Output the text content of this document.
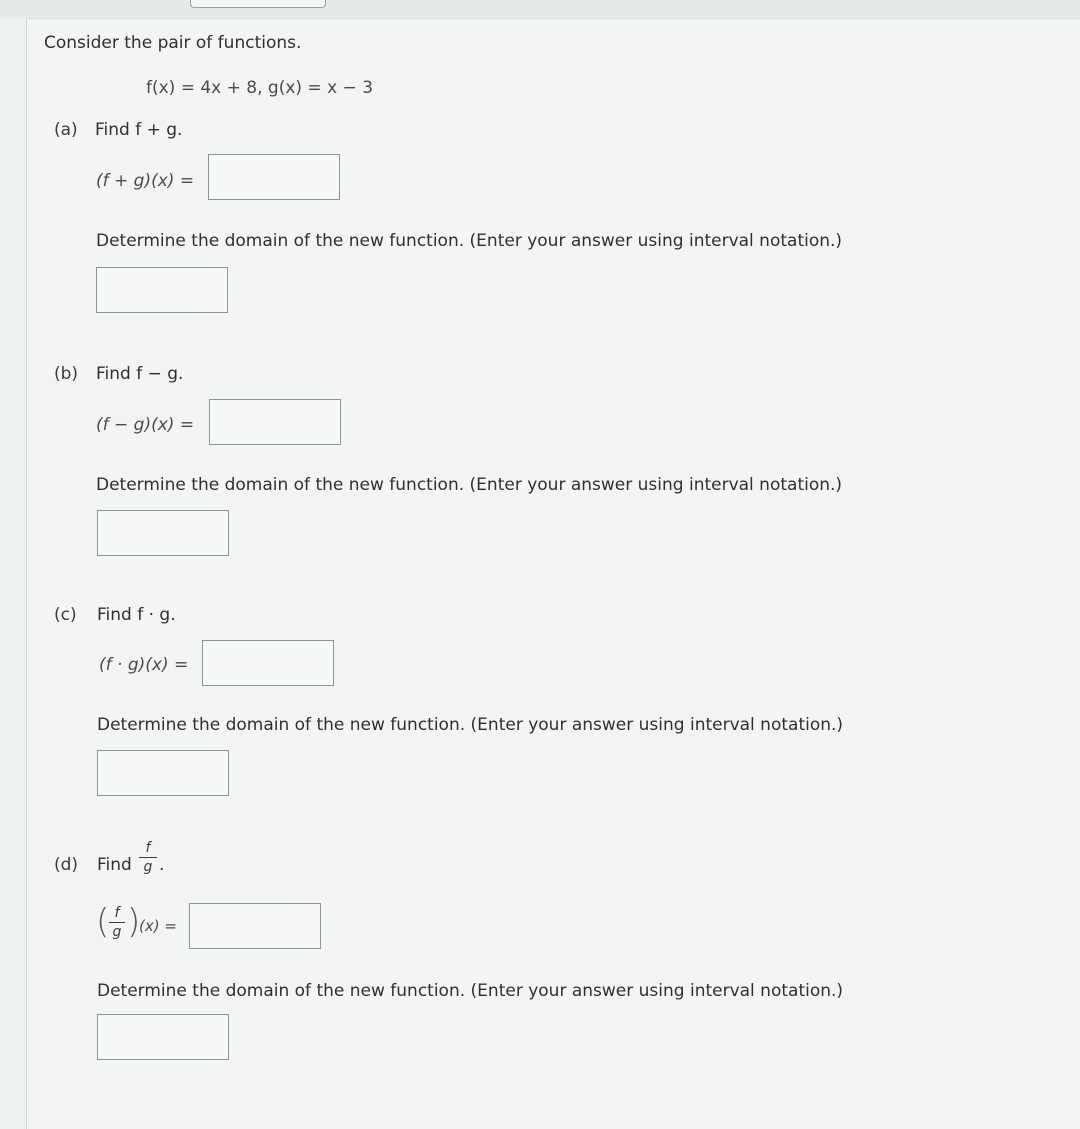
Consider the pair of functions.
f(x) = 4x + 8, g(x) = x − 3
(a) Find f + g.
(f + g)(x) =
Determine the domain of the new function. (Enter your answer using interval notation.)
(b) Find f − g.
(f − g)(x) =
Determine the domain of the new function. (Enter your answer using interval notation.)
(c) Find f · g.
(f · g)(x) =
Determine the domain of the new function. (Enter your answer using interval notation.)
(d) Find
f
g .
( f
g )
(x) =
Determine the domain of the new function. (Enter your answer using interval notation.)
